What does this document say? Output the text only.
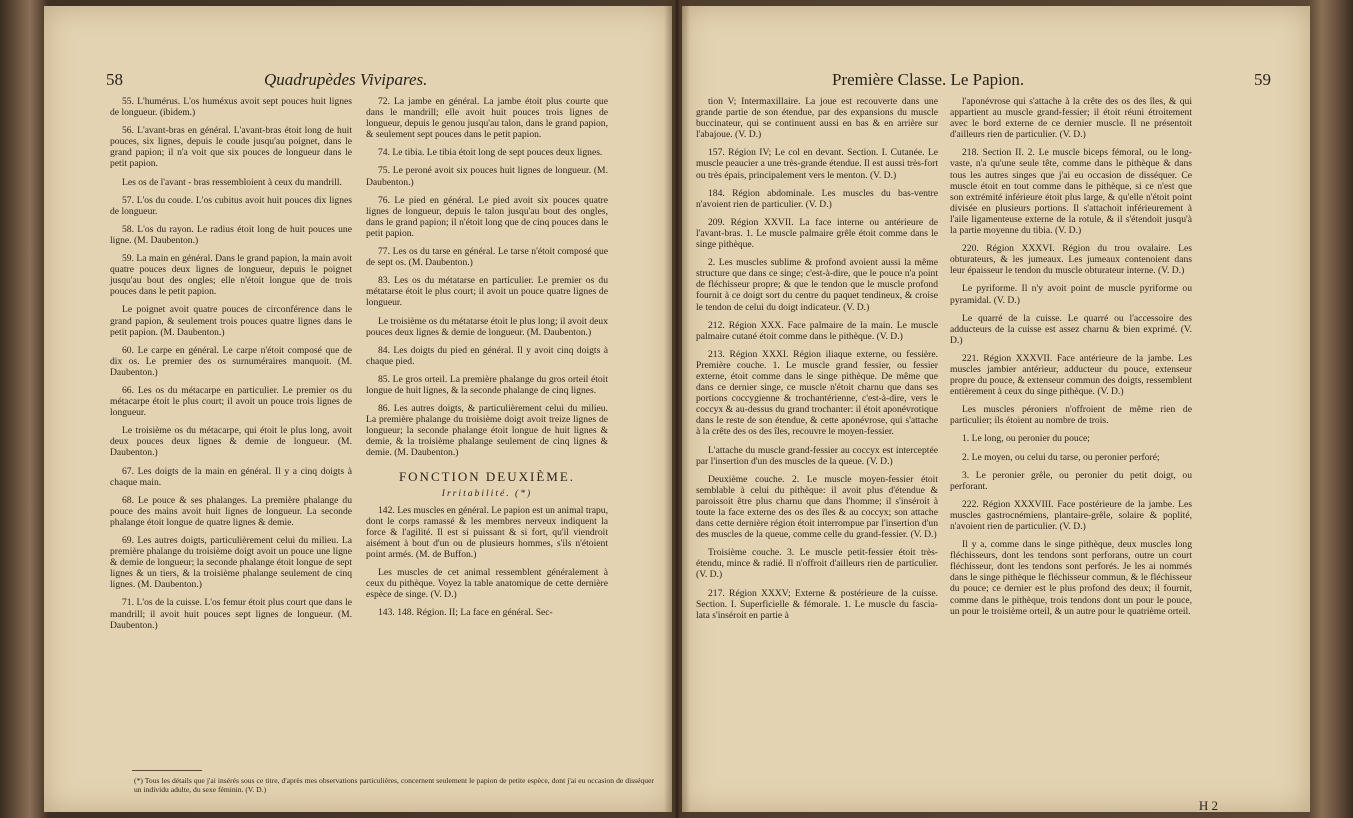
58	Quadrupèdes Vivipares.

55. L'humérus. L'os huméxus avoit sept pouces huit lignes de longueur. (ibidem.)

56. L'avant-bras en général. L'avant-bras étoit long de huit pouces, six lignes, depuis le coude jusqu'au poignet, dans le grand papion; il n'a voit que six pouces de longueur dans le petit papion.

Les os de l'avant - bras ressembloient à ceux du mandrill.

57. L'os du coude. L'os cubitus avoit huit pouces dix lignes de longueur.

58. L'os du rayon. Le radius étoit long de huit pouces une ligne. (M. Daubenton.)

59. La main en général. Dans le grand papion, la main avoit quatre pouces deux lignes de longueur, depuis le poignet jusqu'au bout des ongles; elle n'étoit longue que de trois pouces dans le petit papion.

Le poignet avoit quatre pouces de circonférence dans le grand papion, & seulement trois pouces quatre lignes dans le petit papion. (M. Daubenton.)

60. Le carpe en général. Le carpe n'étoit composé que de dix os. Le premier des os surnuméraires manquoit. (M. Daubenton.)

66. Les os du métacarpe en particulier. Le premier os du métacarpe étoit le plus court; il avoit un pouce trois lignes de longueur.

Le troisième os du métacarpe, qui étoit le plus long, avoit deux pouces deux lignes & demie de longueur. (M. Daubenton.)

67. Les doigts de la main en général. Il y a cinq doigts à chaque main.

68. Le pouce & ses phalanges. La première phalange du pouce des mains avoit huit lignes de longueur. La seconde phalange étoit longue de quatre lignes & demie.

69. Les autres doigts, particulièrement celui du milieu. La première phalange du troisième doigt avoit un pouce une ligne & demie de longueur; la seconde phalange étoit longue de sept lignes & un tiers, & la troisième phalange seulement de cinq lignes. (M. Daubenton.)

71. L'os de la cuisse. L'os femur étoit plus court que dans le mandrill; il avoit huit pouces sept lignes de longueur. (M. Daubenton.)

72. La jambe en général. La jambe étoit plus courte que dans le mandrill; elle avoit huit pouces trois lignes de longueur, depuis le genou jusqu'au talon, dans le grand papion, & seulement sept pouces dans le petit papion.

74. Le tibia. Le tibia étoit long de sept pouces deux lignes.

75. Le peroné avoit six pouces huit lignes de longueur. (M. Daubenton.)

76. Le pied en général. Le pied avoit six pouces quatre lignes de longueur, depuis le talon jusqu'au bout des ongles, dans le grand papion; il n'étoit long que de cinq pouces dans le petit papion.

77. Les os du tarse en général. Le tarse n'étoit composé que de sept os. (M. Daubenton.)

83. Les os du métatarse en particulier. Le premier os du métatarse étoit le plus court; il avoit un pouce quatre lignes de longueur.

Le troisième os du métatarse étoit le plus long; il avoit deux pouces deux lignes & demie de longueur. (M. Daubenton.)

84. Les doigts du pied en général. Il y avoit cinq doigts à chaque pied.

85. Le gros orteil. La première phalange du gros orteil étoit longue de huit lignes, & la seconde phalange de cinq lignes.

86. Les autres doigts, & particulièrement celui du milieu. La première phalange du troisième doigt avoit treize lignes de longueur; la seconde phalange étoit longue de huit lignes & demie, & la troisième phalange seulement de cinq lignes & demie. (M. Daubenton.)

FONCTION DEUXIÈME.

Irritabilité. (*)

142. Les muscles en général. Le papion est un animal trapu, dont le corps ramassé & les membres nerveux indiquent la force & l'agilité. Il est si puissant & si fort, qu'il viendroit aisément à bout d'un ou de plusieurs hommes, s'ils n'étoient point armés. (M. de Buffon.)

Les muscles de cet animal ressemblent généralement à ceux du pithèque. Voyez la table anatomique de cette dernière espèce de singe. (V. D.)

143. 148. Région. II; La face en général. Sec-

(*) Tous les détails que j'ai insérés sous ce titre, d'après mes observations particulières, concernent seulement le papion de petite espèce, dont j'ai eu occasion de disséquer un individu adulte, du sexe féminin. (V. D.)
Première Classe. Le Papion.	59

tion V; Intermaxillaire. La joue est recouverte dans une grande partie de son étendue, par des expansions du muscle buccinateur, qui se continuent aussi en bas & en arrière sur l'abajoue. (V. D.)

157. Région IV; Le col en devant. Section. I. Cutanée. Le muscle peaucier a une très-grande étendue. Il est aussi très-fort ou très épais, principalement vers le menton. (V. D.)

184. Région abdominale. Les muscles du bas-ventre n'avoient rien de particulier. (V. D.)

209. Région XXVII. La face interne ou antérieure de l'avant-bras. 1. Le muscle palmaire grêle étoit comme dans le singe pithèque.

2. Les muscles sublime & profond avoient aussi la même structure que dans ce singe; c'est-à-dire, que le pouce n'a point de fléchisseur propre; & que le tendon que le muscle profond fournit à ce doigt sort du centre du paquet tendineux, & croise le tendon de celui du doigt indicateur. (V. D.)

212. Région XXX. Face palmaire de la main. Le muscle palmaire cutané étoit comme dans le pithèque. (V. D.)

213. Région XXXI. Région iliaque externe, ou fessière. Première couche. 1. Le muscle grand fessier, ou fessier externe, étoit comme dans le singe pithèque. De même que dans ce dernier singe, ce muscle n'étoit charnu que dans ses portions coccygienne & trochantérienne, c'est-à-dire, vers le coccyx & au-dessus du grand trochanter: il étoit aponévrotique dans le reste de son étendue, & cette aponévrose, qui s'attache à la crête des os des îles, recouvre le moyen-fessier.

L'attache du muscle grand-fessier au coccyx est interceptée par l'insertion d'un des muscles de la queue. (V. D.)

Deuxième couche. 2. Le muscle moyen-fessier étoit semblable à celui du pithèque: il avoit plus d'étendue & paroissoit être plus charnu que dans l'homme; il s'inséroit à toute la face externe des os des îles & au coccyx; son attache dans cette dernière région étoit interrompue par l'insertion d'un des muscles de la queue, comme celle du grand-fessier. (V. D.)

Troisième couche. 3. Le muscle petit-fessier étoit très-étendu, mince & radié. Il n'offroit d'ailleurs rien de particulier. (V. D.)

217. Région XXXV; Externe & postérieure de la cuisse. Section. I. Superficielle & fémorale. 1. Le muscle du fascia-lata s'inséroit en partie à

l'aponévrose qui s'attache à la crête des os des îles, & qui appartient au muscle grand-fessier; il étoit réuni étroitement avec le bord externe de ce dernier muscle. Il ne présentoit d'ailleurs rien de particulier. (V. D.)

218. Section II. 2. Le muscle biceps fémoral, ou le long-vaste, n'a qu'une seule tête, comme dans le pithèque & dans tous les autres singes que j'ai eu occasion de disséquer. Ce muscle étoit en tout comme dans le pithèque, si ce n'est que son extrémité inférieure étoit plus large, & qu'elle n'étoit point divisée en plusieurs portions. Il s'attachoit inférieurement à l'aile ligamenteuse externe de la rotule, & il s'étendoit jusqu'à la partie moyenne du tibia. (V. D.)

220. Région XXXVI. Région du trou ovalaire. Les obturateurs, & les jumeaux. Les jumeaux contenoient dans leur épaisseur le tendon du muscle obturateur interne. (V. D.)

Le pyriforme. Il n'y avoit point de muscle pyriforme ou pyramidal. (V. D.)

Le quarré de la cuisse. Le quarré ou l'accessoire des adducteurs de la cuisse est assez charnu & bien exprimé. (V. D.)

221. Région XXXVII. Face antérieure de la jambe. Les muscles jambier antérieur, adducteur du pouce, extenseur propre du pouce, & extenseur commun des doigts, ressemblent entièrement à ceux du singe pithèque. (V. D.)

Les muscles péroniers n'offroient de même rien de particulier; ils étoient au nombre de trois.

1. Le long, ou peronier du pouce;

2. Le moyen, ou celui du tarse, ou peronier perforé;

3. Le peronier grêle, ou peronier du petit doigt, ou perforant.

222. Région XXXVIII. Face postérieure de la jambe. Les muscles gastrocnémiens, plantaire-grêle, solaire & poplité, n'avoient rien de particulier. (V. D.)

Il y a, comme dans le singe pithèque, deux muscles long fléchisseurs, dont les tendons sont perforans, outre un court fléchisseur, dont les tendons sont perforés. Je les ai nommés dans le singe pithèque le fléchisseur commun, & le fléchisseur du pouce; ce dernier est le plus profond des deux; il fournit, comme dans le pithèque, trois tendons dont un pour le pouce, un pour le troisième orteil, & un autre pour le quatrième orteil.

H 2
